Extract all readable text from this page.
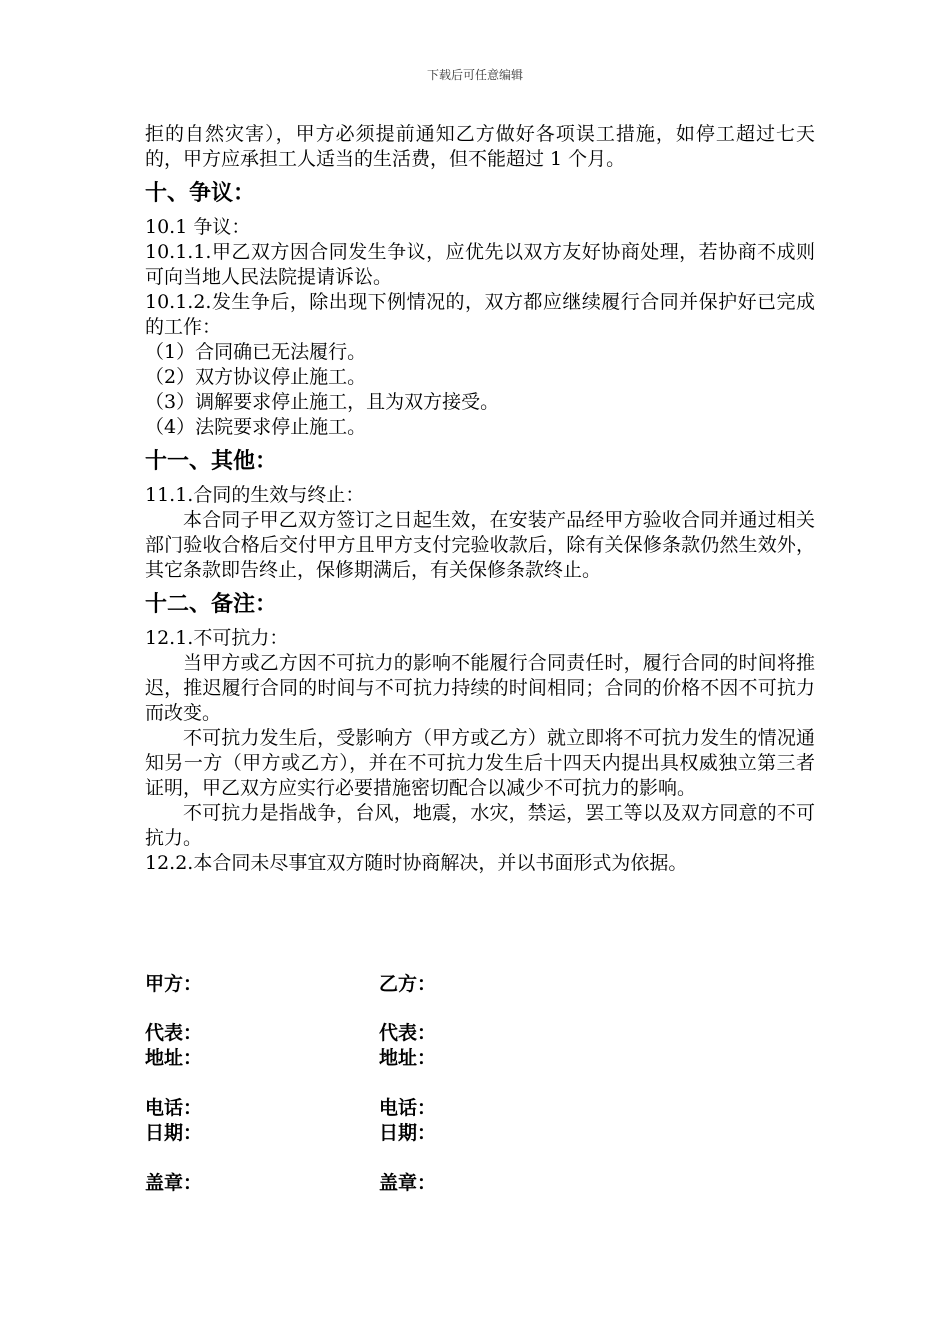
下载后可任意编辑

拒的自然灾害），甲方必须提前通知乙方做好各项误工措施，如停工超过七天的，甲方应承担工人适当的生活费，但不能超过 1 个月。

十、争议：

10.1 争议：

10.1.1.甲乙双方因合同发生争议，应优先以双方友好协商处理，若协商不成则可向当地人民法院提请诉讼。

10.1.2.发生争后，除出现下例情况的，双方都应继续履行合同并保护好已完成的工作：

（1）合同确已无法履行。

（2）双方协议停止施工。

（3）调解要求停止施工，且为双方接受。

（4）法院要求停止施工。

十一、其他：

11.1.合同的生效与终止：

本合同子甲乙双方签订之日起生效，在安装产品经甲方验收合同并通过相关部门验收合格后交付甲方且甲方支付完验收款后，除有关保修条款仍然生效外，其它条款即告终止，保修期满后，有关保修条款终止。

十二、备注：

12.1.不可抗力：

当甲方或乙方因不可抗力的影响不能履行合同责任时，履行合同的时间将推迟，推迟履行合同的时间与不可抗力持续的时间相同；合同的价格不因不可抗力而改变。

不可抗力发生后，受影响方（甲方或乙方）就立即将不可抗力发生的情况通知另一方（甲方或乙方），并在不可抗力发生后十四天内提出具权威独立第三者证明，甲乙双方应实行必要措施密切配合以减少不可抗力的影响。

不可抗力是指战争，台风，地震，水灾，禁运，罢工等以及双方同意的不可抗力。

12.2.本合同未尽事宜双方随时协商解决，并以书面形式为依据。

甲方：	乙方：
代表：	代表：
地址：	地址：
电话：	电话：
日期：	日期：
盖章：	盖章：
